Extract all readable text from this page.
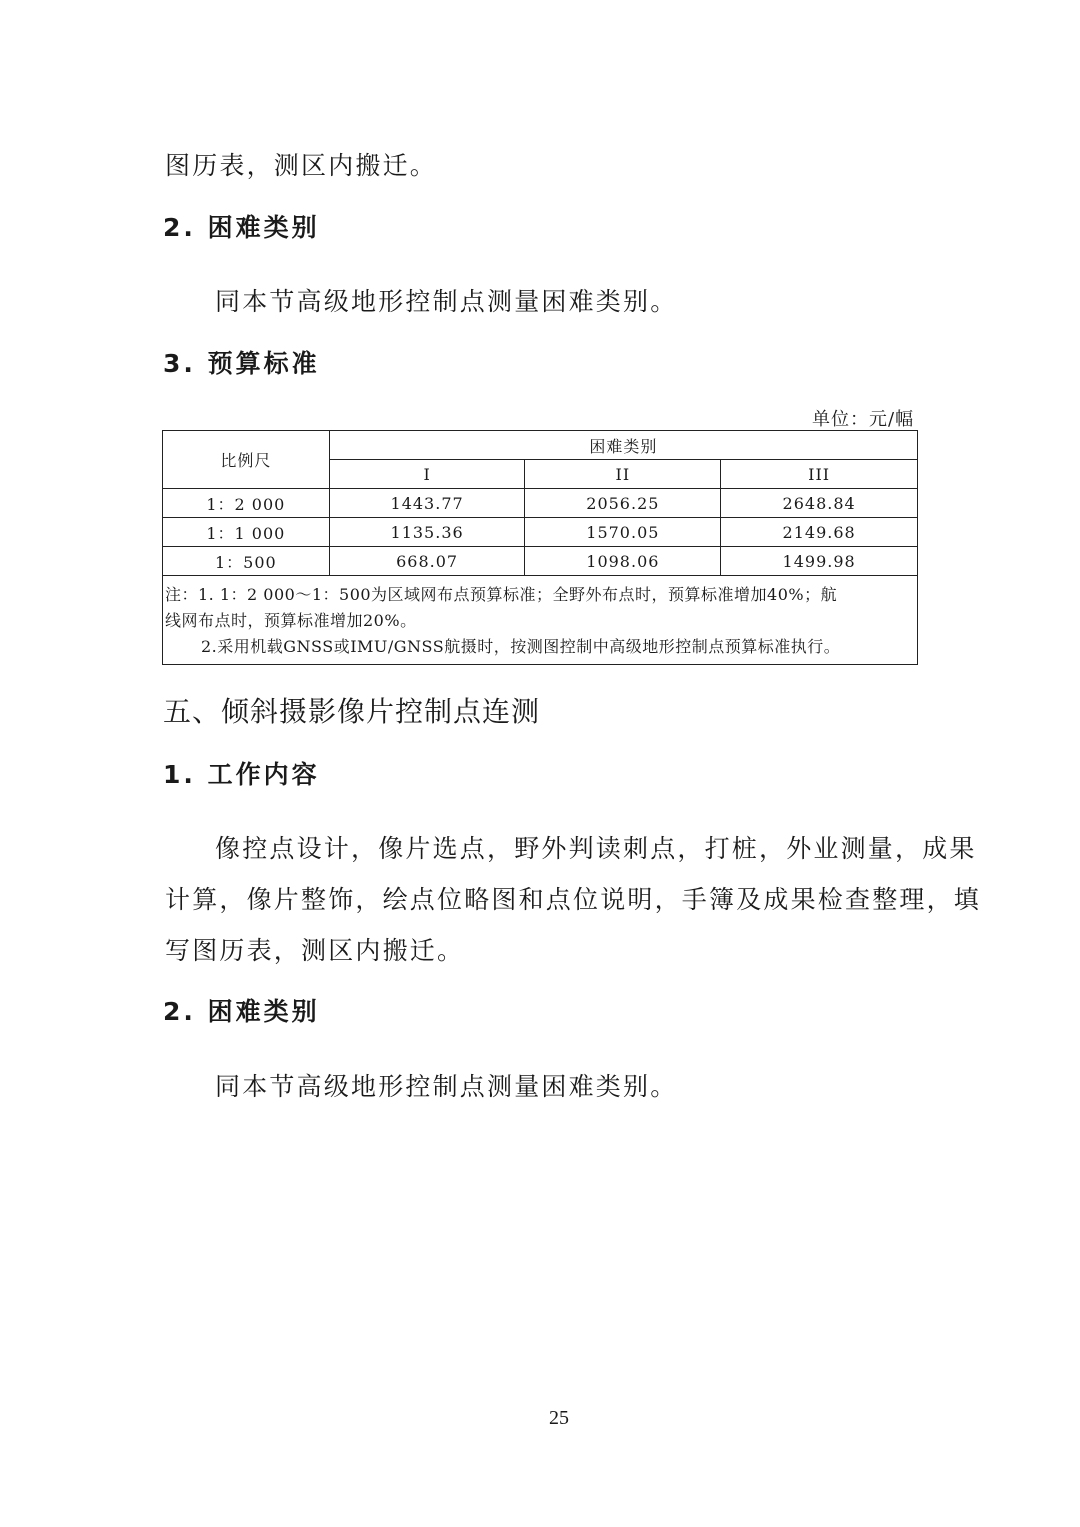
图历表，测区内搬迁。
2. 困难类别
同本节高级地形控制点测量困难类别。
3. 预算标准
单位：元/幅
比例尺	困难类别		
	I	II	III
1：2 000	1443.77	2056.25	2648.84
1：1 000	1135.36	1570.05	2149.68
1：500	668.07	1098.06	1499.98

注：1. 1：2 000～1：500为区域网布点预算标准；全野外布点时，预算标准增加40%；航
线网布点时，预算标准增加20%。
2.采用机载GNSS或IMU/GNSS航摄时，按测图控制中高级地形控制点预算标准执行。			
五、倾斜摄影像片控制点连测
1. 工作内容
像控点设计，像片选点，野外判读刺点，打桩，外业测量，成果
计算，像片整饰，绘点位略图和点位说明，手簿及成果检查整理，填
写图历表，测区内搬迁。
2. 困难类别
同本节高级地形控制点测量困难类别。
25
